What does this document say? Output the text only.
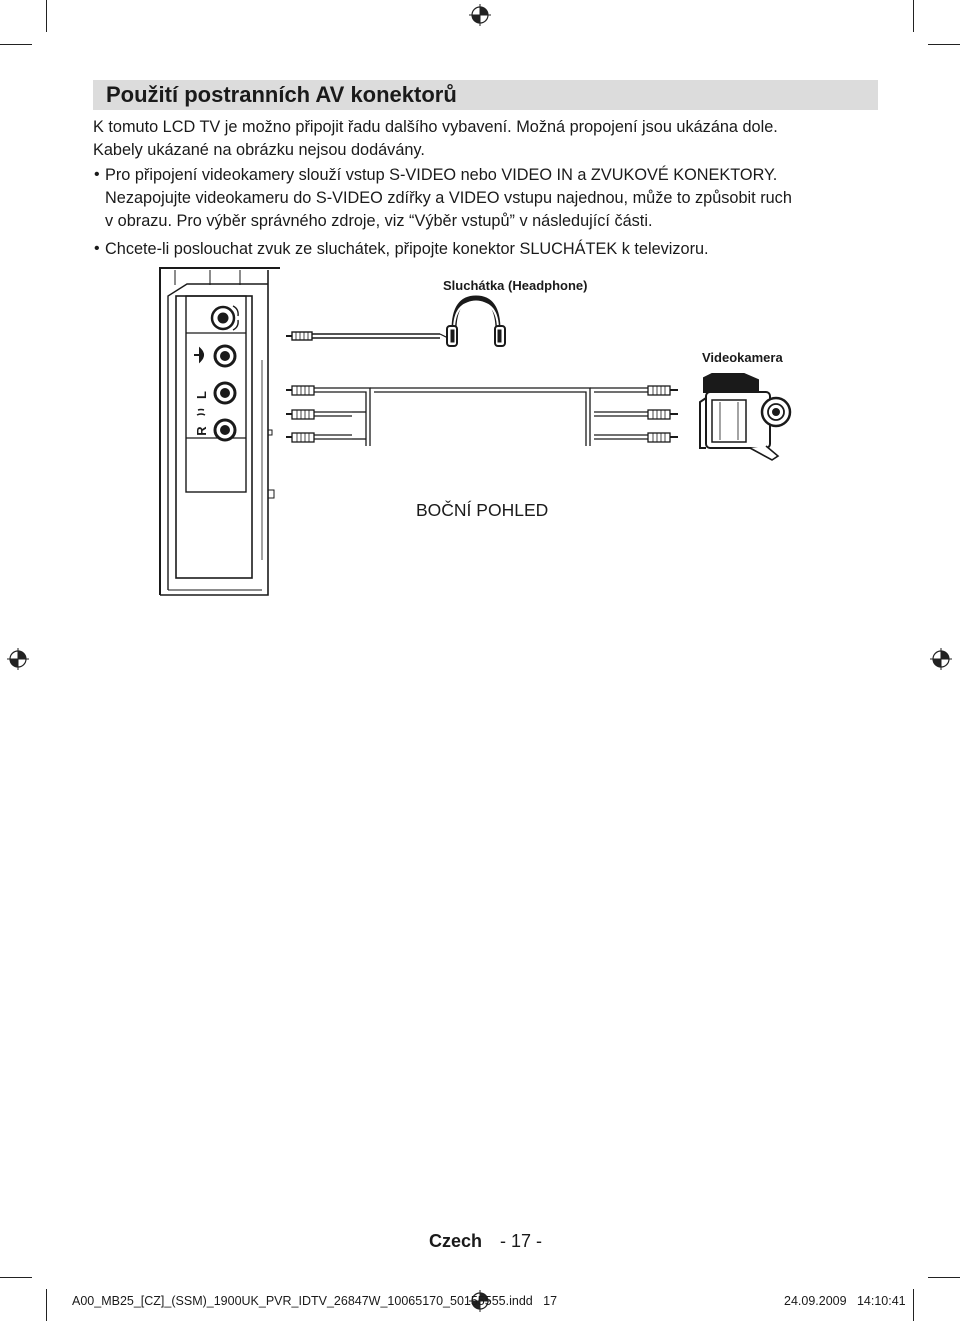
Použití postranních AV konektorů
K tomuto LCD TV je možno připojit řadu dalšího vybavení. Možná propojení jsou ukázána dole.
Kabely ukázané na obrázku nejsou dodávány.
• Pro připojení videokamery slouží vstup S-VIDEO nebo VIDEO IN a ZVUKOVÉ KONEKTORY.
Nezapojujte videokameru do S-VIDEO zdířky a VIDEO vstupu najednou, může to způsobit ruch
v obrazu. Pro výběr správného zdroje, viz “Výběr vstupů” v následující části.
• Chcete-li poslouchat zvuk ze sluchátek, připojte konektor SLUCHÁTEK k televizoru.
L
R
Sluchátka (Headphone)
Videokamera
BOČNÍ POHLED
Czech - 17 -
A00_MB25_[CZ]_(SSM)_1900UK_PVR_IDTV_26847W_10065170_50155555.indd   17	24.09.2009   14:10:41
